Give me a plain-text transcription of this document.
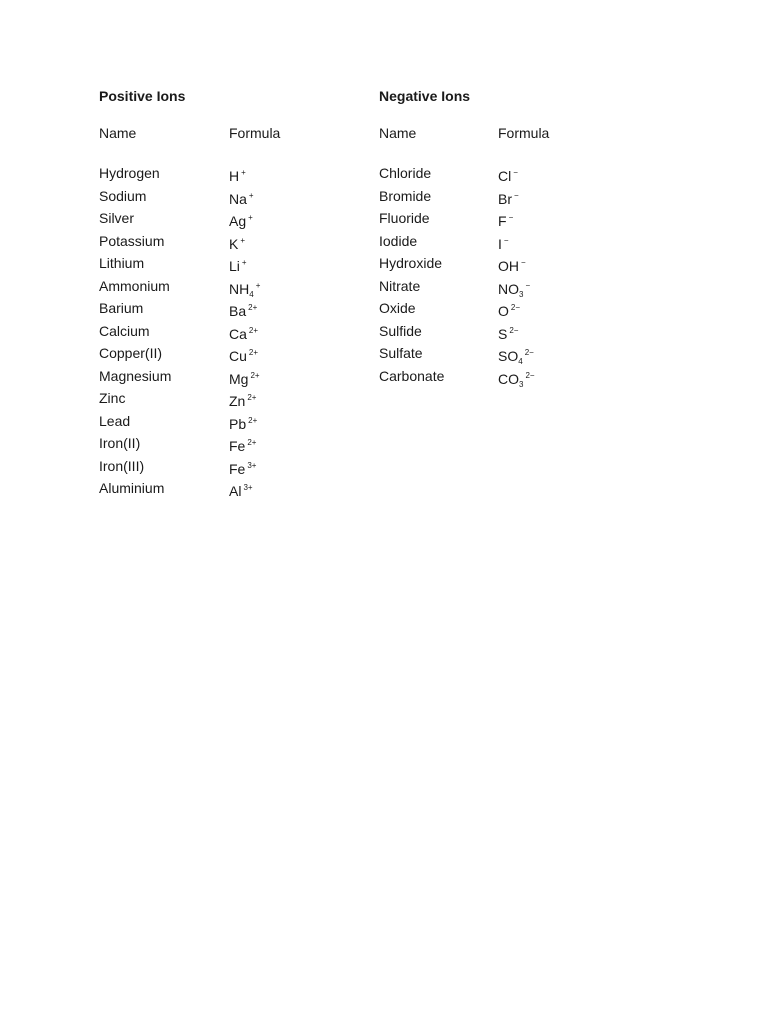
Positive Ions
Name	Formula
Hydrogen	H +
Sodium	Na +
Silver	Ag +
Potassium	K +
Lithium	Li +
Ammonium	$NH_4^+$
Barium	Ba $^{2+}$
Calcium	Ca $^{2+}$
Copper(II)	Cu $^{2+}$
Magnesium	Mg $^{2+}$
Zinc	Zn $^{2+}$
Lead	Pb $^{2+}$
Iron(II)	Fe $^{2+}$
Iron(III)	Fe $^{3+}$
Aluminium	Al $^{3+}$
Negative Ions
Name	Formula
Chloride	Cl −
Bromide	Br −
Fluoride	F −
Iodide	I −
Hydroxide	OH −
Nitrate	$NO_3^-$
Oxide	O $^{2-}$
Sulfide	S $^{2-}$
Sulfate	$SO_4^{2-}$
Carbonate	$CO_3^{2-}$
